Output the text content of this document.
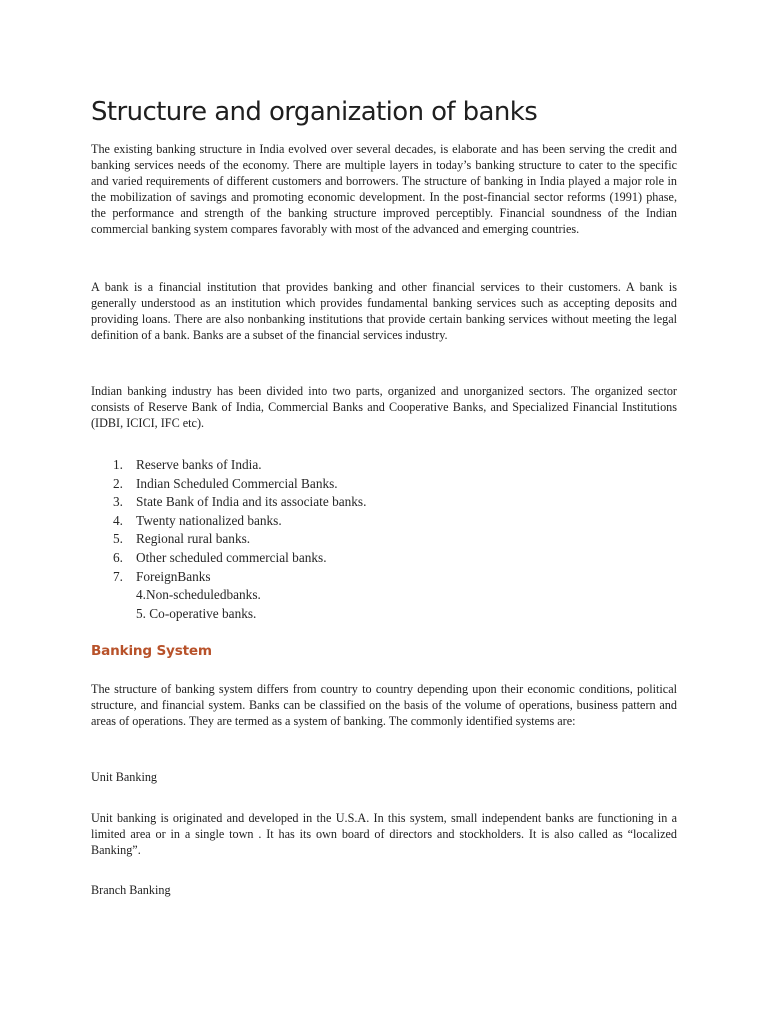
Structure and organization of banks

The existing banking structure in India evolved over several decades, is elaborate and has been serving the credit and banking services needs of the economy. There are multiple layers in today’s banking structure to cater to the specific and varied requirements of different customers and borrowers. The structure of banking in India played a major role in the mobilization of savings and promoting economic development. In the post-financial sector reforms (1991) phase, the performance and strength of the banking structure improved perceptibly. Financial soundness of the Indian commercial banking system compares favorably with most of the advanced and emerging countries.

A bank is a financial institution that provides banking and other financial services to their customers. A bank is generally understood as an institution which provides fundamental banking services such as accepting deposits and providing loans. There are also nonbanking institutions that provide certain banking services without meeting the legal definition of a bank. Banks are a subset of the financial services industry.

Indian banking industry has been divided into two parts, organized and unorganized sectors. The organized sector consists of Reserve Bank of India, Commercial Banks and Cooperative Banks, and Specialized Financial Institutions (IDBI, ICICI, IFC etc).

1. Reserve banks of India.
2. Indian Scheduled Commercial Banks.
3. State Bank of India and its associate banks.
4. Twenty nationalized banks.
5. Regional rural banks.
6. Other scheduled commercial banks.
7. ForeignBanks
4.Non-scheduledbanks.
5. Co-operative banks.
Banking System

The structure of banking system differs from country to country depending upon their economic conditions, political structure, and financial system. Banks can be classified on the basis of the volume of operations, business pattern and areas of operations. They are termed as a system of banking. The commonly identified systems are:

Unit Banking

Unit banking is originated and developed in the U.S.A. In this system, small independent banks are functioning in a limited area or in a single town . It has its own board of directors and stockholders. It is also called as “localized Banking”.

Branch Banking
